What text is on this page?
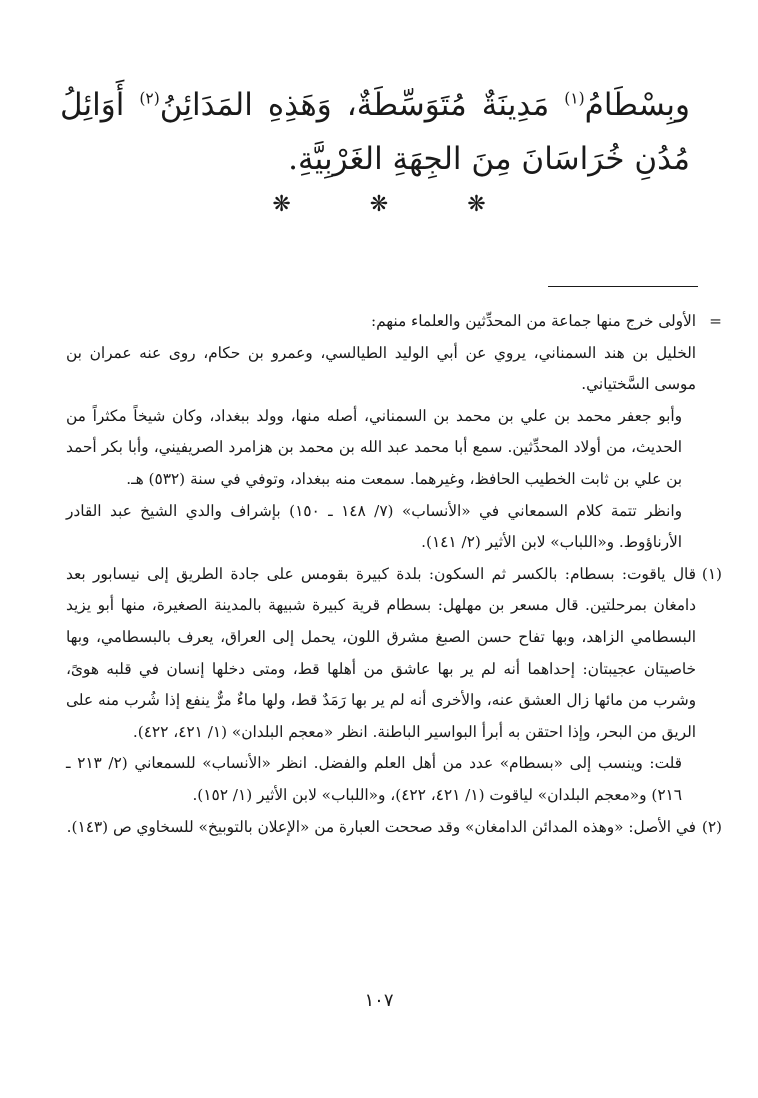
وبِسْطَامُ$^{(١)}$ مَدِينَةٌ مُتَوَسِّطَةٌ، وَهَذِهِ المَدَائِنُ$^{(٢)}$ أَوَائِلُ مُدُنِ خُرَاسَانَ مِنَ الجِهَةِ الغَرْبِيَّةِ.
❋	❋	❋
=
الأولى خرج منها جماعة من المحدِّثين والعلماء منهم:
الخليل بن هند السمناني، يروي عن أبي الوليد الطيالسي، وعمرو بن حكام، روى عنه عمران بن موسى السَّختياني.
وأبو جعفر محمد بن علي بن محمد بن السمناني، أصله منها، وولد ببغداد، وكان شيخاً مكثراً من الحديث، من أولاد المحدِّثين. سمع أبا محمد عبد الله بن محمد بن هزامرد الصريفيني، وأبا بكر أحمد بن علي بن ثابت الخطيب الحافظ، وغيرهما. سمعت منه ببغداد، وتوفي في سنة (٥٣٢) هـ.
وانظر تتمة كلام السمعاني في «الأنساب» (٧/ ١٤٨ ـ ١٥٠) بإشراف والدي الشيخ عبد القادر الأرناؤوط. و«اللباب» لابن الأثير (٢/ ١٤١).
(١)
قال ياقوت: بسطام: بالكسر ثم السكون: بلدة كبيرة بقومس على جادة الطريق إلى نيسابور بعد دامغان بمرحلتين. قال مسعر بن مهلهل: بسطام قرية كبيرة شبيهة بالمدينة الصغيرة، منها أبو يزيد البسطامي الزاهد، وبها تفاح حسن الصبغ مشرق اللون، يحمل إلى العراق، يعرف بالبسطامي، وبها خاصيتان عجيبتان: إحداهما أنه لم ير بها عاشق من أهلها قط، ومتى دخلها إنسان في قلبه هوىً، وشرب من مائها زال العشق عنه، والأخرى أنه لم ير بها رَمَدٌ قط، ولها ماءٌ مرٌّ ينفع إذا شُرب منه على الريق من البحر، وإذا احتقن به أبرأ البواسير الباطنة. انظر «معجم البلدان» (١/ ٤٢١، ٤٢٢).
قلت: وينسب إلى «بسطام» عدد من أهل العلم والفضل. انظر «الأنساب» للسمعاني (٢/ ٢١٣ ـ ٢١٦) و«معجم البلدان» لياقوت (١/ ٤٢١، ٤٢٢)، و«اللباب» لابن الأثير (١/ ١٥٢).
(٢)
في الأصل: «وهذه المدائن الدامغان» وقد صححت العبارة من «الإعلان بالتوبيخ» للسخاوي ص (١٤٣).
١٠٧
